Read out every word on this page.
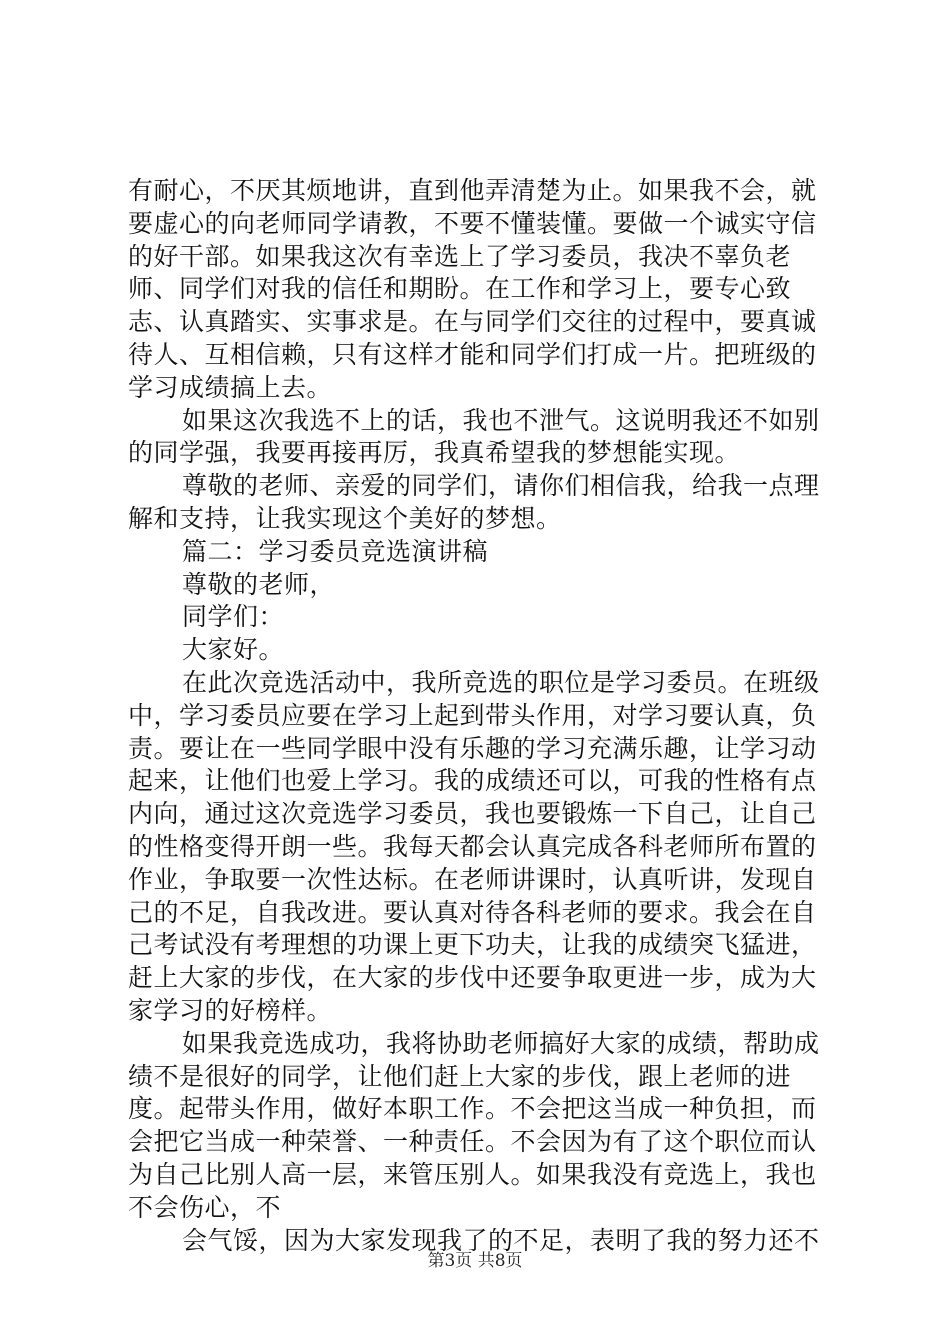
有耐心，不厌其烦地讲，直到他弄清楚为止。如果我不会，就要虚心的向老师同学请教，不要不懂装懂。要做一个诚实守信的好干部。如果我这次有幸选上了学习委员，我决不辜负老师、同学们对我的信任和期盼。在工作和学习上，要专心致志、认真踏实、实事求是。在与同学们交往的过程中，要真诚待人、互相信赖，只有这样才能和同学们打成一片。把班级的学习成绩搞上去。

如果这次我选不上的话，我也不泄气。这说明我还不如别的同学强，我要再接再厉，我真希望我的梦想能实现。

尊敬的老师、亲爱的同学们，请你们相信我，给我一点理解和支持，让我实现这个美好的梦想。

篇二：学习委员竞选演讲稿

尊敬的老师，

同学们：

大家好。

在此次竞选活动中，我所竞选的职位是学习委员。在班级中，学习委员应要在学习上起到带头作用，对学习要认真，负责。要让在一些同学眼中没有乐趣的学习充满乐趣，让学习动起来，让他们也爱上学习。我的成绩还可以，可我的性格有点内向，通过这次竞选学习委员，我也要锻炼一下自己，让自己的性格变得开朗一些。我每天都会认真完成各科老师所布置的作业，争取要一次性达标。在老师讲课时，认真听讲，发现自己的不足，自我改进。要认真对待各科老师的要求。我会在自己考试没有考理想的功课上更下功夫，让我的成绩突飞猛进，赶上大家的步伐，在大家的步伐中还要争取更进一步，成为大家学习的好榜样。

如果我竞选成功，我将协助老师搞好大家的成绩，帮助成绩不是很好的同学，让他们赶上大家的步伐，跟上老师的进度。起带头作用，做好本职工作。不会把这当成一种负担，而会把它当成一种荣誉、一种责任。不会因为有了这个职位而认为自己比别人高一层，来管压别人。如果我没有竞选上，我也不会伤心，不

会气馁，因为大家发现我了的不足，表明了我的努力还不

第3页 共8页
